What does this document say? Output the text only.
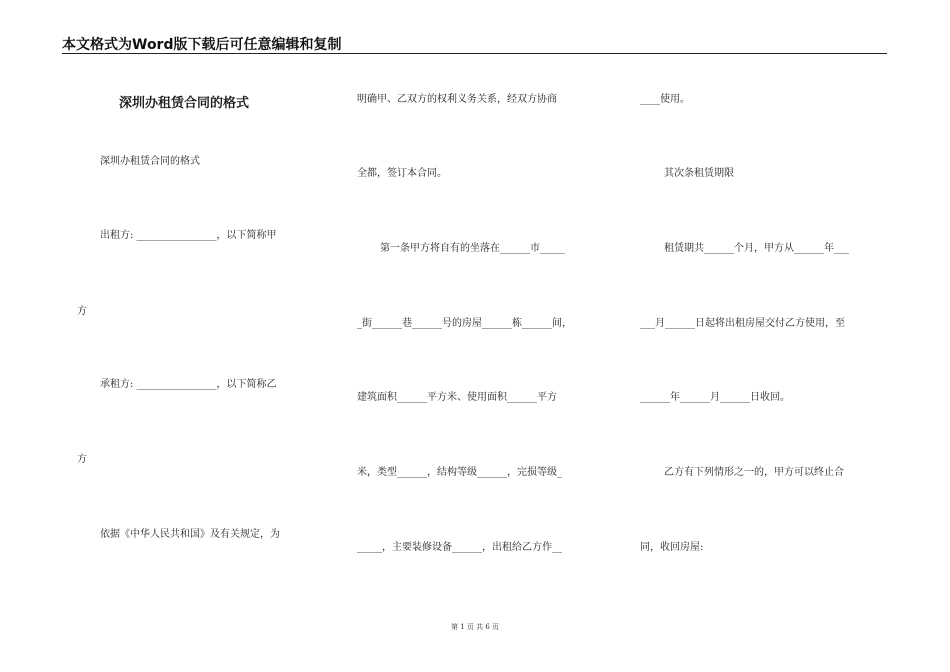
本文格式为Word版下载后可任意编辑和复制
深圳办租赁合同的格式
深圳办租赁合同的格式
出租方: ________________，以下简称甲
方
承租方: ________________，以下简称乙
方
依据《中华人民共和国》及有关规定，为
明确甲、乙双方的权利义务关系，经双方协商
全都，签订本合同。
第一条甲方将自有的坐落在______市_____
_街______巷______号的房屋______栋______间，
建筑面积______平方米、使用面积______平方
米，类型______，结构等级______，完损等级_
_____，主要装修设备______，出租给乙方作__
____使用。
其次条租赁期限
租赁期共______个月，甲方从______年___
___月______日起将出租房屋交付乙方使用，至
______年______月______日收回。
乙方有下列情形之一的，甲方可以终止合
同，收回房屋:
第 1 页 共 6 页
